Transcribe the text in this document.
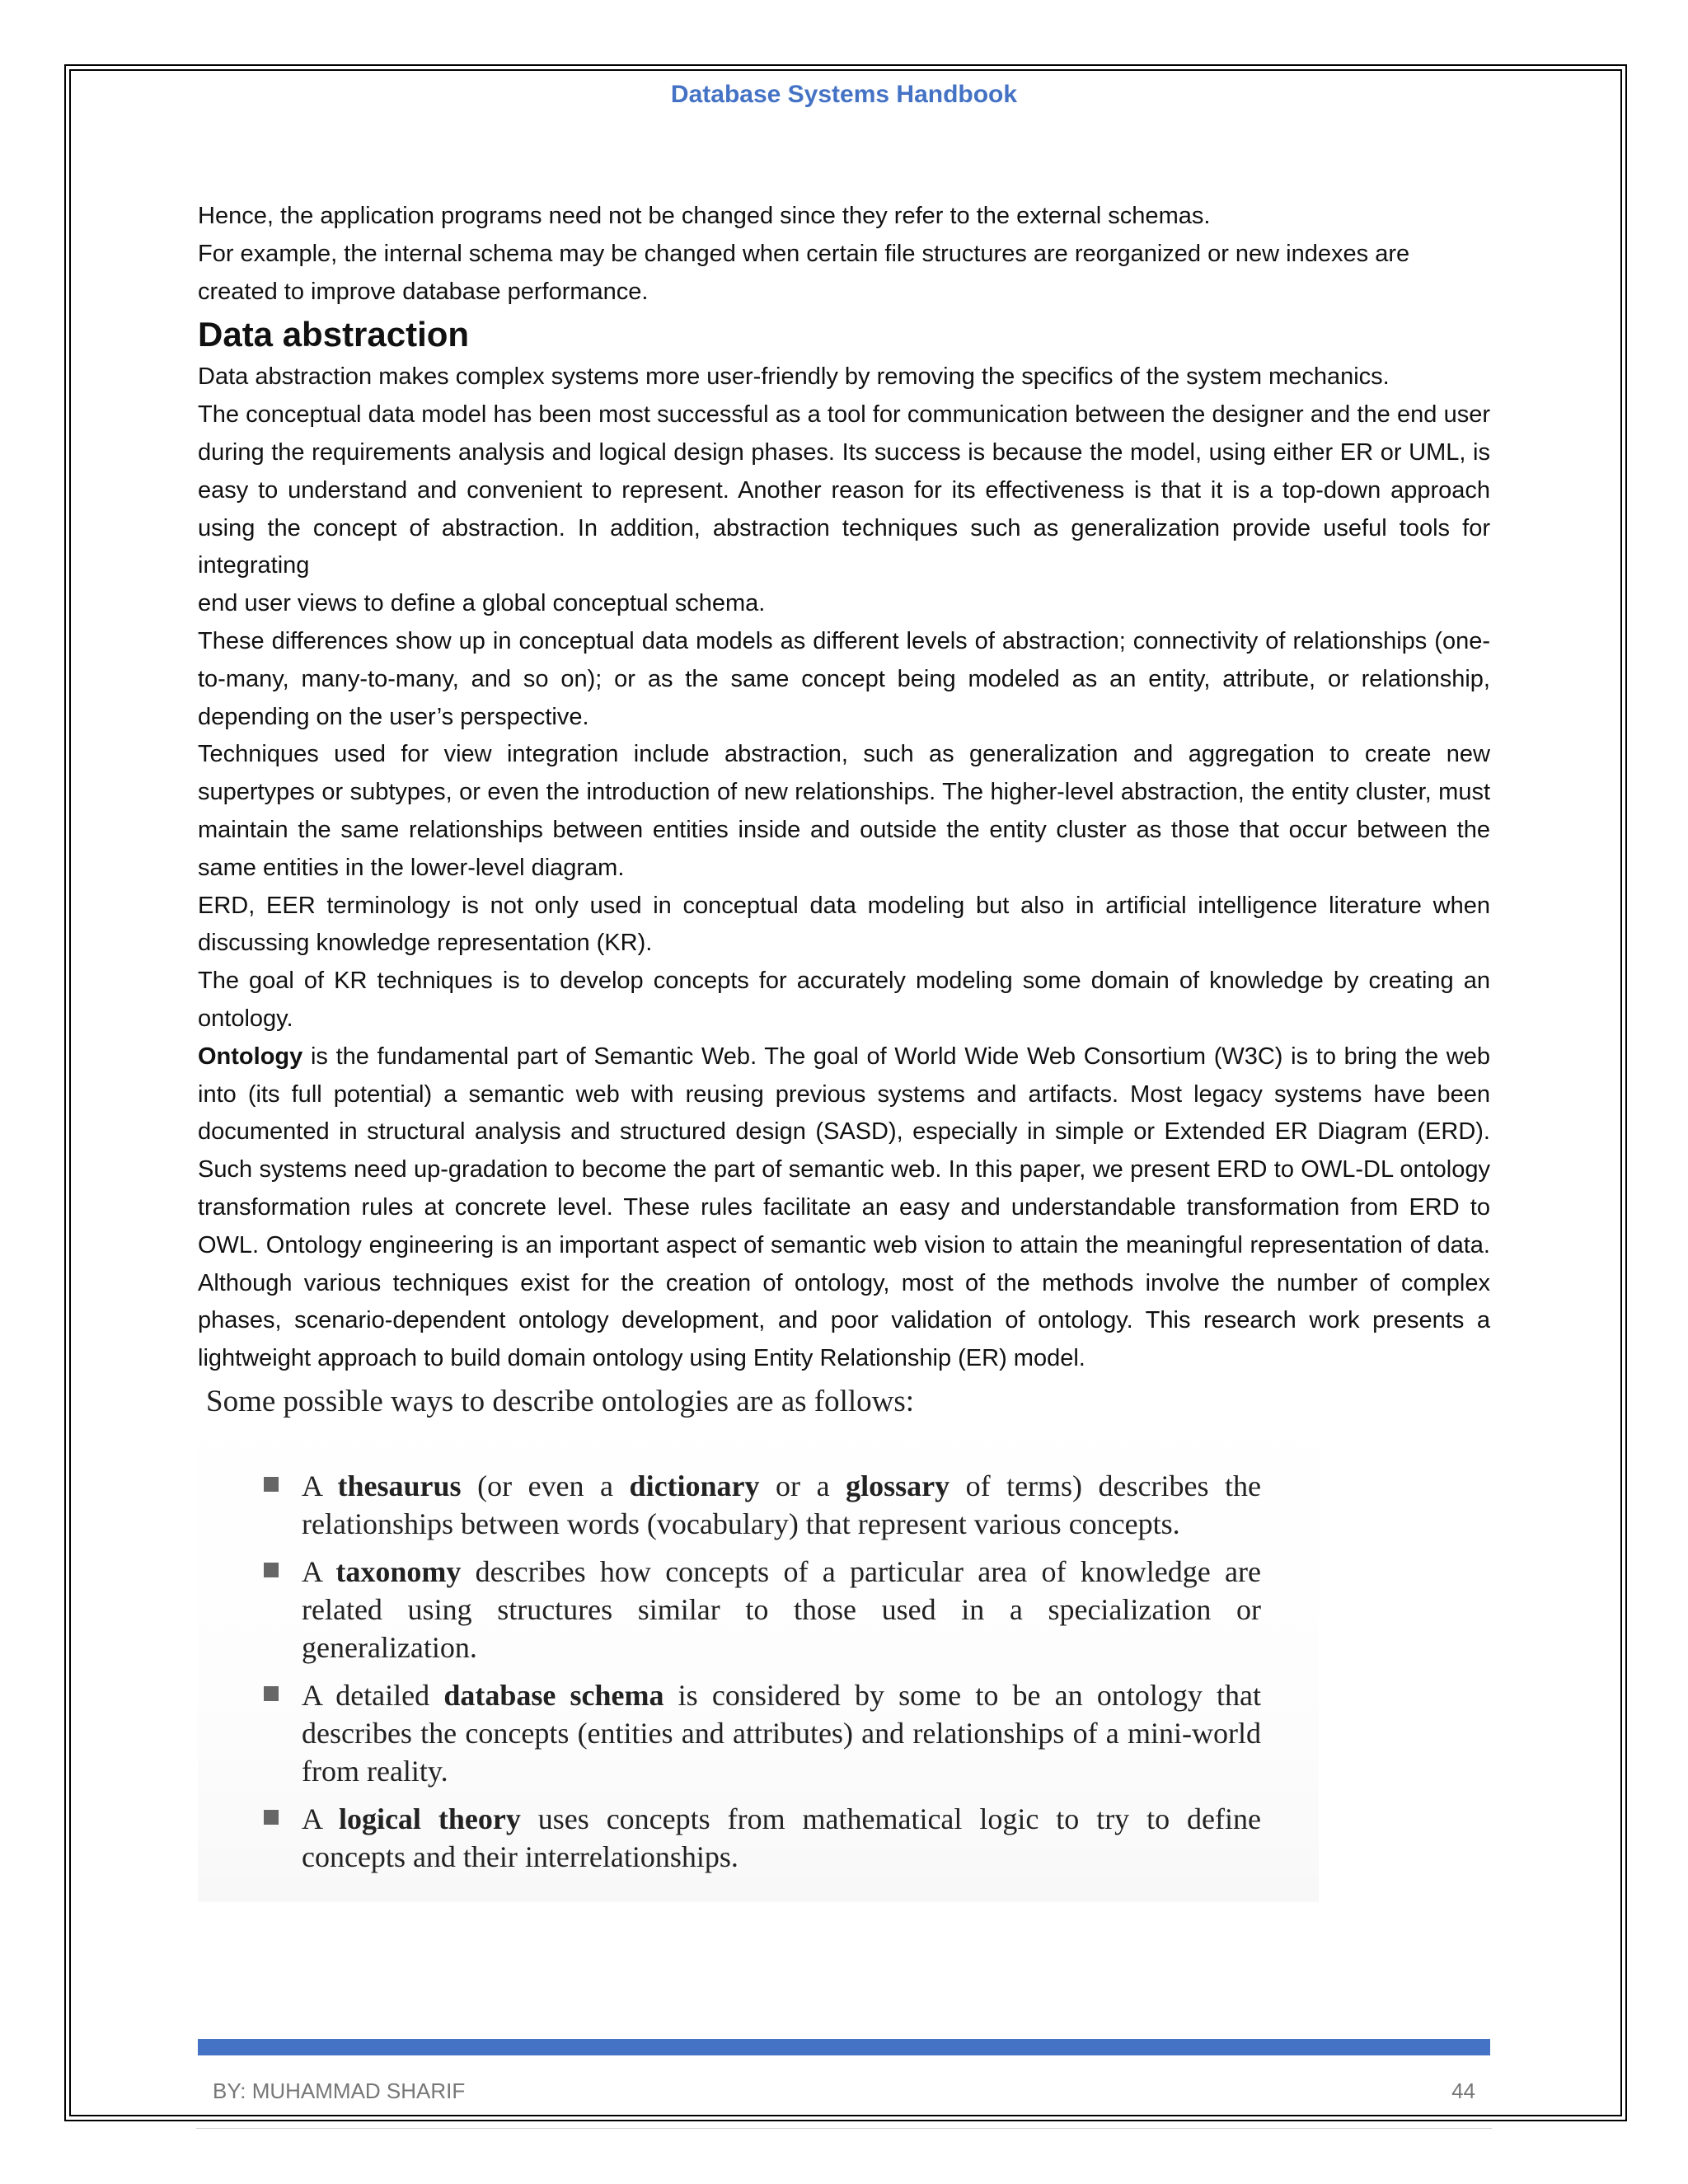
Database Systems Handbook

Hence, the application programs need not be changed since they refer to the external schemas.

For example, the internal schema may be changed when certain file structures are reorganized or new indexes are created to improve database performance.

Data abstraction

Data abstraction makes complex systems more user-friendly by removing the specifics of the system mechanics.

The conceptual data model has been most successful as a tool for communication between the designer and the end user during the requirements analysis and logical design phases. Its success is because the model, using either ER or UML, is easy to understand and convenient to represent. Another reason for its effectiveness is that it is a top-down approach using the concept of abstraction. In addition, abstraction techniques such as generalization provide useful tools for integrating

end user views to define a global conceptual schema.

These differences show up in conceptual data models as different levels of abstraction; connectivity of relationships (one-to-many, many-to-many, and so on); or as the same concept being modeled as an entity, attribute, or relationship, depending on the user’s perspective.

Techniques used for view integration include abstraction, such as generalization and aggregation to create new supertypes or subtypes, or even the introduction of new relationships. The higher-level abstraction, the entity cluster, must maintain the same relationships between entities inside and outside the entity cluster as those that occur between the same entities in the lower-level diagram.

ERD, EER terminology is not only used in conceptual data modeling but also in artificial intelligence literature when discussing knowledge representation (KR).

The goal of KR techniques is to develop concepts for accurately modeling some domain of knowledge by creating an ontology.

Ontology is the fundamental part of Semantic Web. The goal of World Wide Web Consortium (W3C) is to bring the web into (its full potential) a semantic web with reusing previous systems and artifacts. Most legacy systems have been documented in structural analysis and structured design (SASD), especially in simple or Extended ER Diagram (ERD). Such systems need up-gradation to become the part of semantic web. In this paper, we present ERD to OWL-DL ontology transformation rules at concrete level. These rules facilitate an easy and understandable transformation from ERD to OWL. Ontology engineering is an important aspect of semantic web vision to attain the meaningful representation of data. Although various techniques exist for the creation of ontology, most of the methods involve the number of complex phases, scenario-dependent ontology development, and poor validation of ontology. This research work presents a lightweight approach to build domain ontology using Entity Relationship (ER) model.

Some possible ways to describe ontologies are as follows:
A thesaurus (or even a dictionary or a glossary of terms) describes the relationships between words (vocabulary) that represent various concepts.
A taxonomy describes how concepts of a particular area of knowledge are related using structures similar to those used in a specialization or generalization.
A detailed database schema is considered by some to be an ontology that describes the concepts (entities and attributes) and relationships of a mini-world from reality.
A logical theory uses concepts from mathematical logic to try to define concepts and their interrelationships.
BY: MUHAMMAD SHARIF	44
